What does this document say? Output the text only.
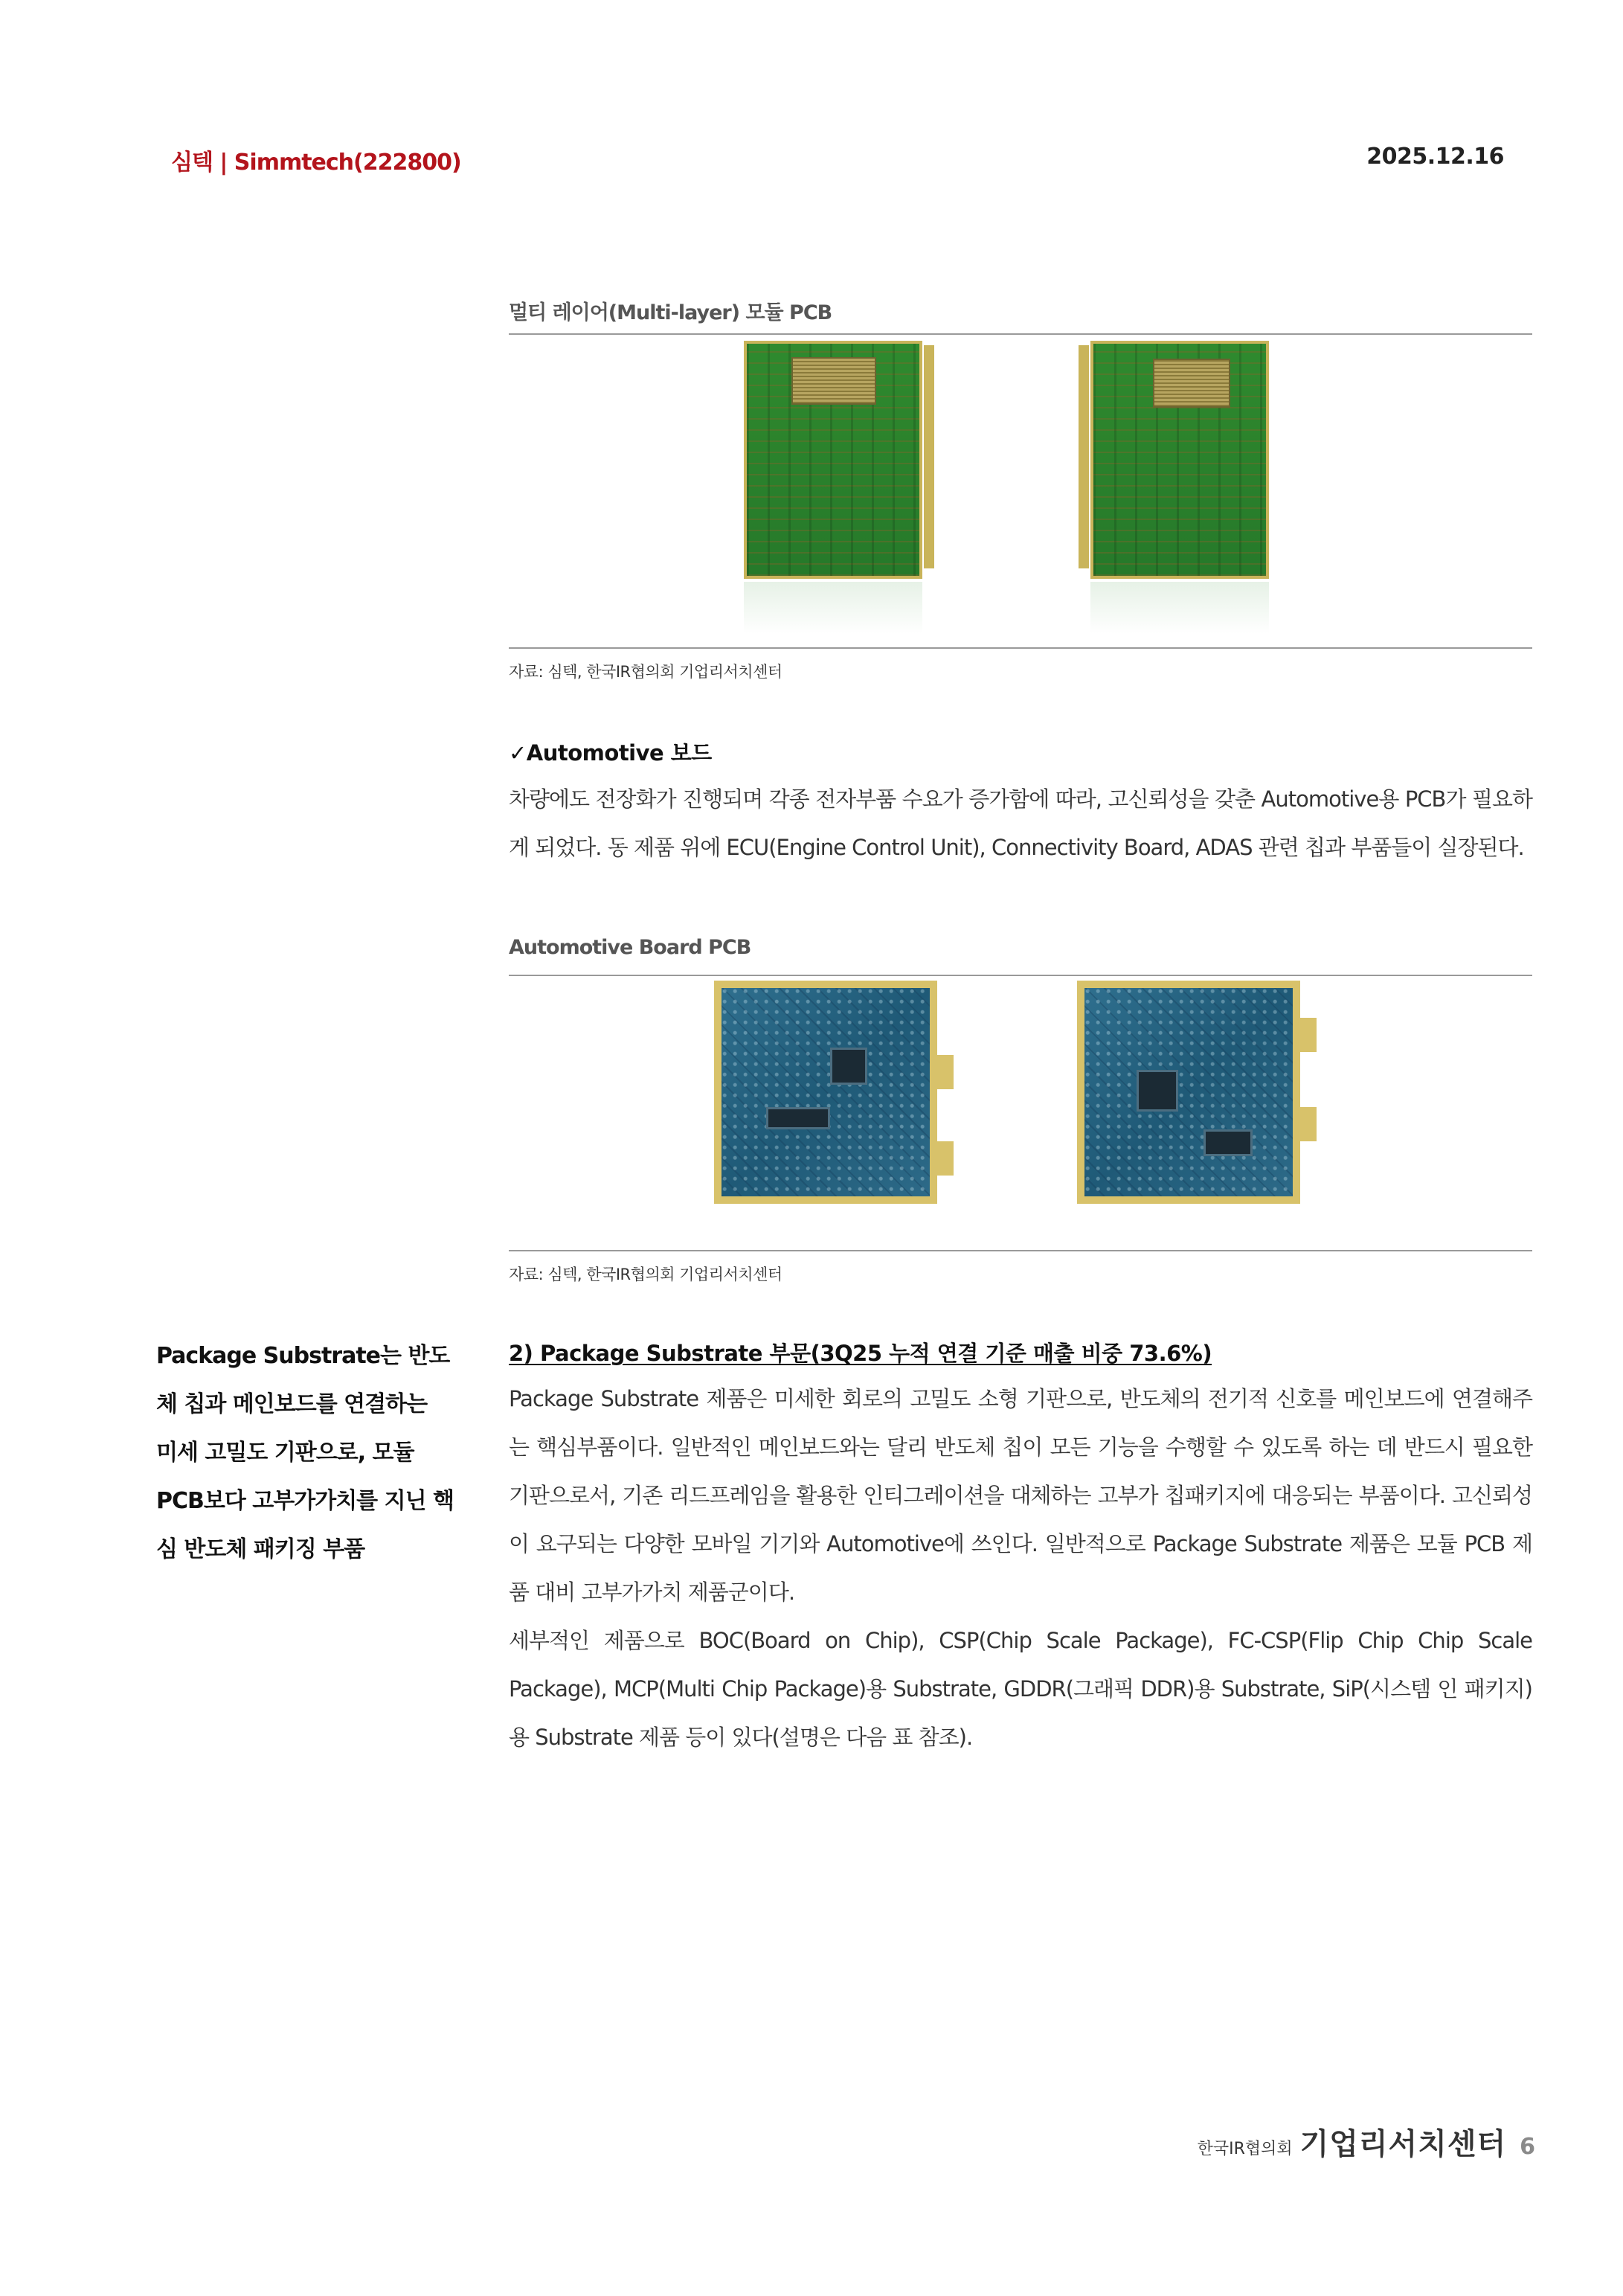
심텍 | Simmtech(222800)	2025.12.16
멀티 레이어(Multi-layer) 모듈 PCB
자료: 심텍, 한국IR협의회 기업리서치센터
✓Automotive 보드
차량에도 전장화가 진행되며 각종 전자부품 수요가 증가함에 따라, 고신뢰성을 갖춘 Automotive용 PCB가 필요하게 되었다. 동 제품 위에 ECU(Engine Control Unit), Connectivity Board, ADAS 관련 칩과 부품들이 실장된다.
Automotive Board PCB
자료: 심텍, 한국IR협의회 기업리서치센터
Package Substrate는 반도체 칩과 메인보드를 연결하는 미세 고밀도 기판으로, 모듈 PCB보다 고부가가치를 지닌 핵심 반도체 패키징 부품
2) Package Substrate 부문(3Q25 누적 연결 기준 매출 비중 73.6%)
Package Substrate 제품은 미세한 회로의 고밀도 소형 기판으로, 반도체의 전기적 신호를 메인보드에 연결해주는 핵심부품이다. 일반적인 메인보드와는 달리 반도체 칩이 모든 기능을 수행할 수 있도록 하는 데 반드시 필요한 기판으로서, 기존 리드프레임을 활용한 인티그레이션을 대체하는 고부가 칩패키지에 대응되는 부품이다. 고신뢰성이 요구되는 다양한 모바일 기기와 Automotive에 쓰인다. 일반적으로 Package Substrate 제품은 모듈 PCB 제품 대비 고부가가치 제품군이다.
세부적인 제품으로 BOC(Board on Chip), CSP(Chip Scale Package), FC-CSP(Flip Chip Chip Scale Package), MCP(Multi Chip Package)용 Substrate, GDDR(그래픽 DDR)용 Substrate, SiP(시스템 인 패키지)용 Substrate 제품 등이 있다(설명은 다음 표 참조).
한국IR협의회 기업리서치센터 6
